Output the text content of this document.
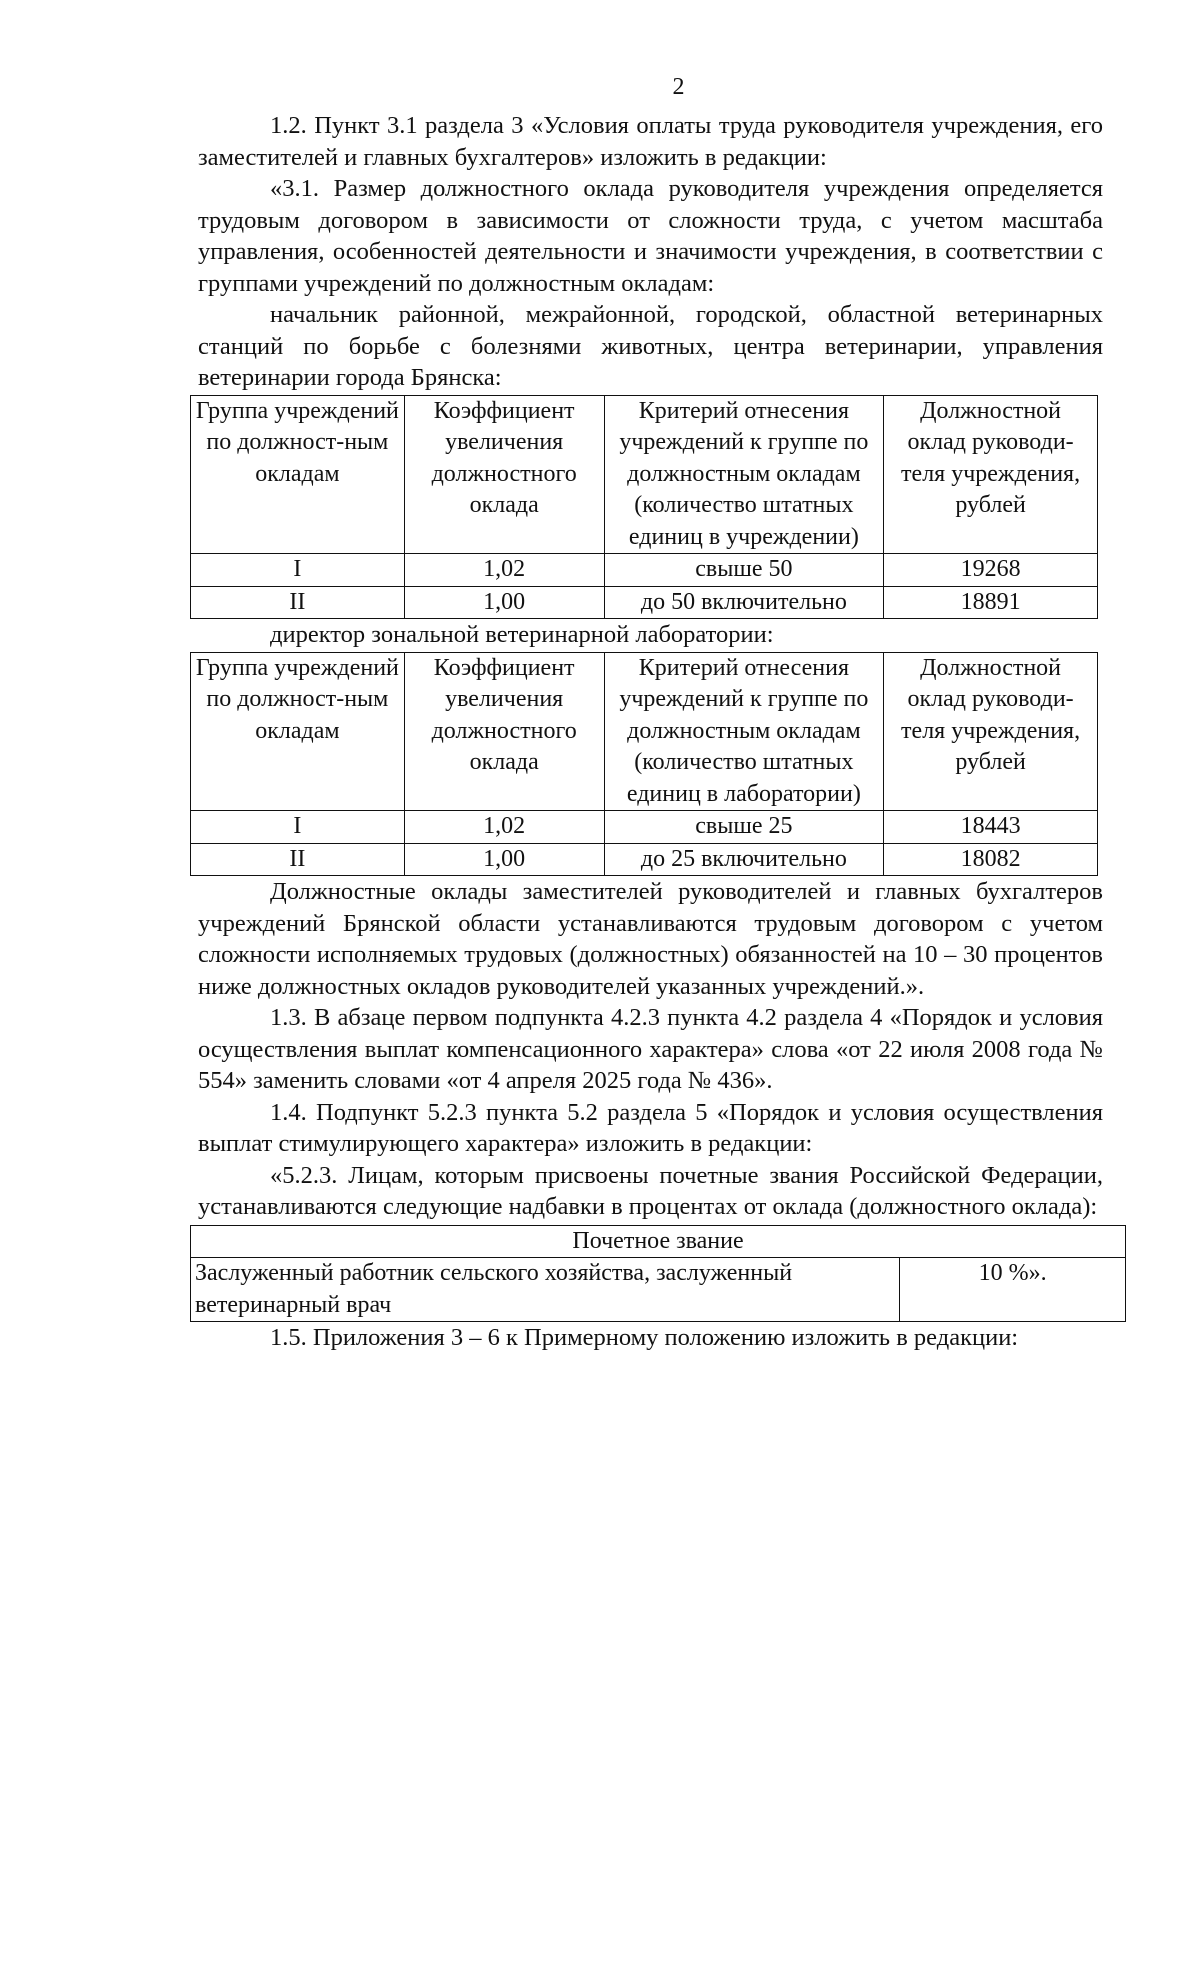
2

1.2. Пункт 3.1 раздела 3 «Условия оплаты труда руководителя учреждения, его заместителей и главных бухгалтеров» изложить в редакции:

«3.1. Размер должностного оклада руководителя учреждения определяется трудовым договором в зависимости от сложности труда, с учетом масштаба управления, особенностей деятельности и значимости учреждения, в соответствии с группами учреждений по должностным окладам:

начальник районной, межрайонной, городской, областной ветеринарных станций по борьбе с болезнями животных, центра ветеринарии, управления ветеринарии города Брянска:

Группа учреждений по должност-ным окладам	Коэффициент увеличения должностного оклада	Критерий отнесения учреждений к группе по должностным окладам (количество штатных единиц в учреждении)	Должностной оклад руководи-теля учреждения, рублей
I	1,02	свыше 50	19268
II	1,00	до 50 включительно	18891

директор зональной ветеринарной лаборатории:

Группа учреждений по должност-ным окладам	Коэффициент увеличения должностного оклада	Критерий отнесения учреждений к группе по должностным окладам (количество штатных единиц в лаборатории)	Должностной оклад руководи-теля учреждения, рублей
I	1,02	свыше 25	18443
II	1,00	до 25 включительно	18082

Должностные оклады заместителей руководителей и главных бухгалтеров учреждений Брянской области устанавливаются трудовым договором с учетом сложности исполняемых трудовых (должностных) обязанностей на 10 – 30 процентов ниже должностных окладов руководителей указанных учреждений.».

1.3. В абзаце первом подпункта 4.2.3 пункта 4.2 раздела 4 «Порядок и условия осуществления выплат компенсационного характера» слова «от 22 июля 2008 года № 554» заменить словами «от 4 апреля 2025 года № 436».

1.4. Подпункт 5.2.3 пункта 5.2 раздела 5 «Порядок и условия осуществления выплат стимулирующего характера» изложить в редакции:

«5.2.3. Лицам, которым присвоены почетные звания Российской Федерации, устанавливаются следующие надбавки в процентах от оклада (должностного оклада):

Почетное звание
Заслуженный работник сельского хозяйства, заслуженный ветеринарный врач	10 %».

1.5. Приложения 3 – 6 к Примерному положению изложить в редакции:
